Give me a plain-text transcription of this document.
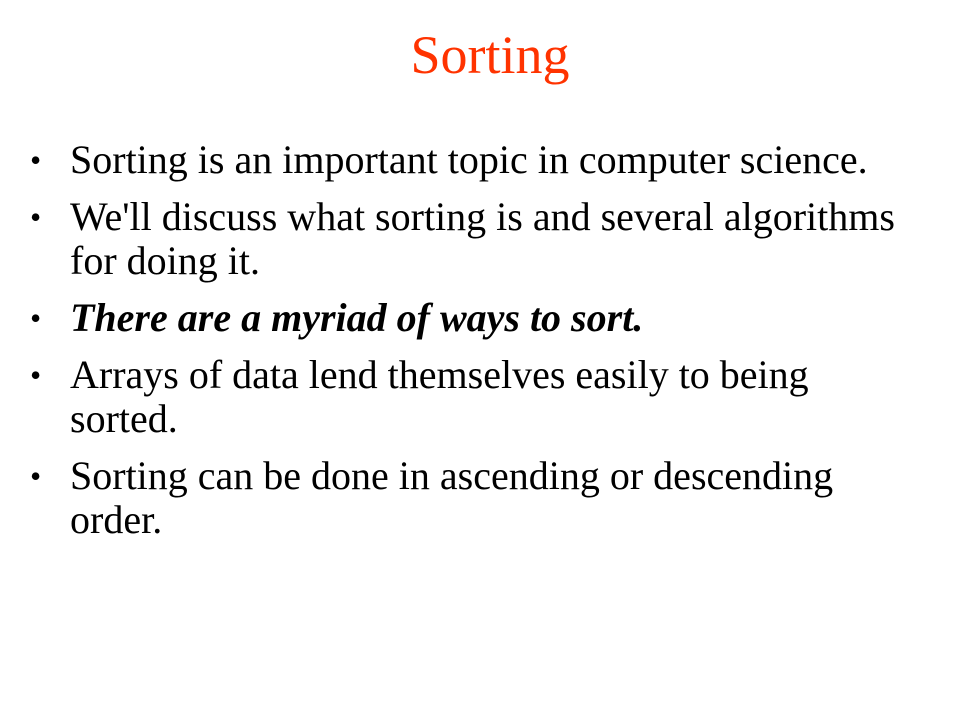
Sorting
• Sorting is an important topic in computer science.
• We'll discuss what sorting is and several algorithms for doing it.
• There are a myriad of ways to sort.
• Arrays of data lend themselves easily to being sorted.
• Sorting can be done in ascending or descending order.
